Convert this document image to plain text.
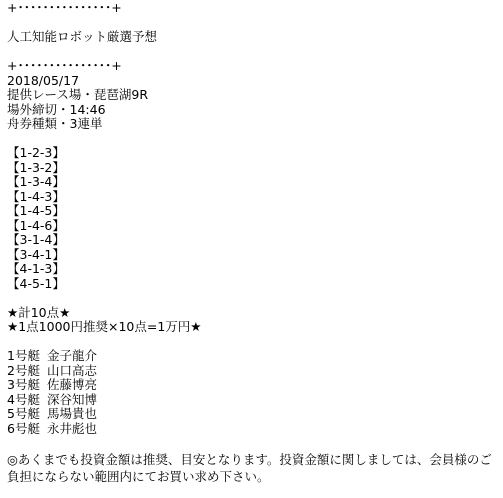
+･･･････････････+
人工知能ロボット厳選予想
+･･･････････････+
2018/05/17
提供レース場・琵琶湖9R
場外締切・14:46
舟券種類・3連単
【1-2-3】
【1-3-2】
【1-3-4】
【1-4-3】
【1-4-5】
【1-4-6】
【3-1-4】
【3-4-1】
【4-1-3】
【4-5-1】
★計10点★
★1点1000円推奨×10点=1万円★
1号艇 金子龍介
2号艇 山口高志
3号艇 佐藤博亮
4号艇 深谷知博
5号艇 馬場貴也
6号艇 永井彪也
◎あくまでも投資金額は推奨、目安となります。投資金額に関しましては、会員様のご負担にならない範囲内にてお買い求め下さい。
